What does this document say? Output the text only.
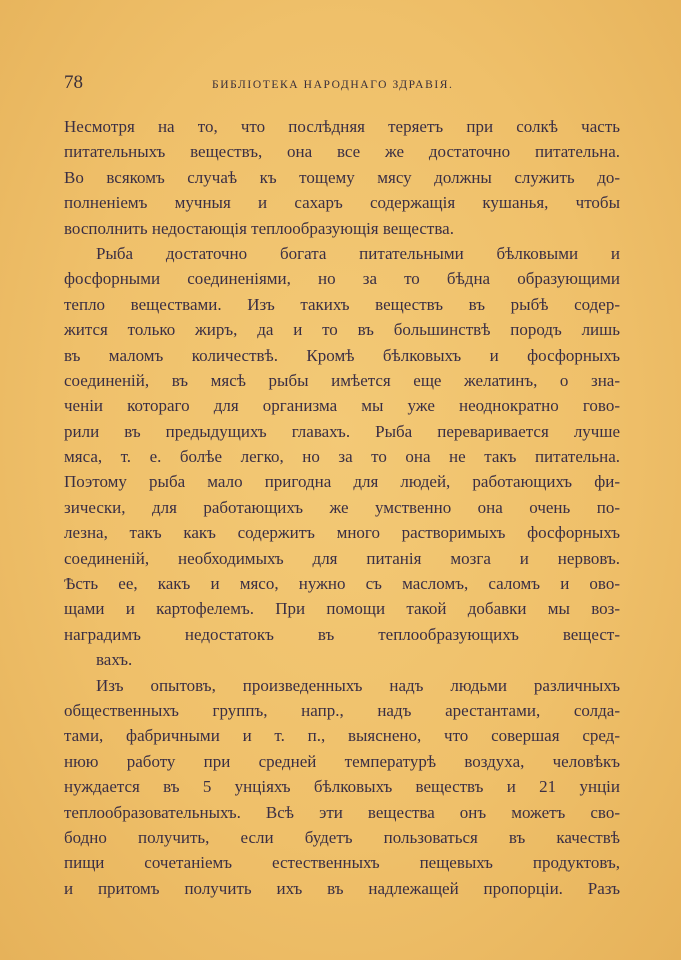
78	БИБЛІОТЕКА НАРОДНАГО ЗДРАВІЯ.
Несмотря на то, что послѣдняя теряетъ при солкѣ часть
питательныхъ веществъ, она все же достаточно питательна.
Во всякомъ случаѣ къ тощему мясу должны служить до-
полненіемъ мучныя и сахаръ содержащія кушанья, чтобы
восполнить недостающія теплообразующія вещества.
Рыба достаточно богата питательными бѣлковыми и
фосфорными соединеніями, но за то бѣдна образующими
тепло веществами. Изъ такихъ веществъ въ рыбѣ содер-
жится только жиръ, да и то въ большинствѣ породъ лишь
въ маломъ количествѣ. Кромѣ бѣлковыхъ и фосфорныхъ
соединеній, въ мясѣ рыбы имѣется еще желатинъ, о зна-
ченіи котораго для организма мы уже неоднократно гово-
рили въ предыдущихъ главахъ. Рыба переваривается лучше
мяса, т. е. болѣе легко, но за то она не такъ питательна.
Поэтому рыба мало пригодна для людей, работающихъ фи-
зически, для работающихъ же умственно она очень по-
лезна, такъ какъ содержитъ много растворимыхъ фосфорныхъ
соединеній, необходимыхъ для питанія мозга и нервовъ.
Ѣсть ее, какъ и мясо, нужно съ масломъ, саломъ и ово-
щами и картофелемъ. При помощи такой добавки мы воз-
наградимъ недостатокъ въ теплообразующихъ вещест-
вахъ.
Изъ опытовъ, произведенныхъ надъ людьми различныхъ
общественныхъ группъ, напр., надъ арестантами, солда-
тами, фабричными и т. п., выяснено, что совершая сред-
нюю работу при средней температурѣ воздуха, человѣкъ
нуждается въ 5 унціяхъ бѣлковыхъ веществъ и 21 унціи
теплообразовательныхъ. Всѣ эти вещества онъ можетъ сво-
бодно получить, если будетъ пользоваться въ качествѣ
пищи сочетаніемъ естественныхъ пещевыхъ продуктовъ,
и притомъ получить ихъ въ надлежащей пропорціи. Разъ
